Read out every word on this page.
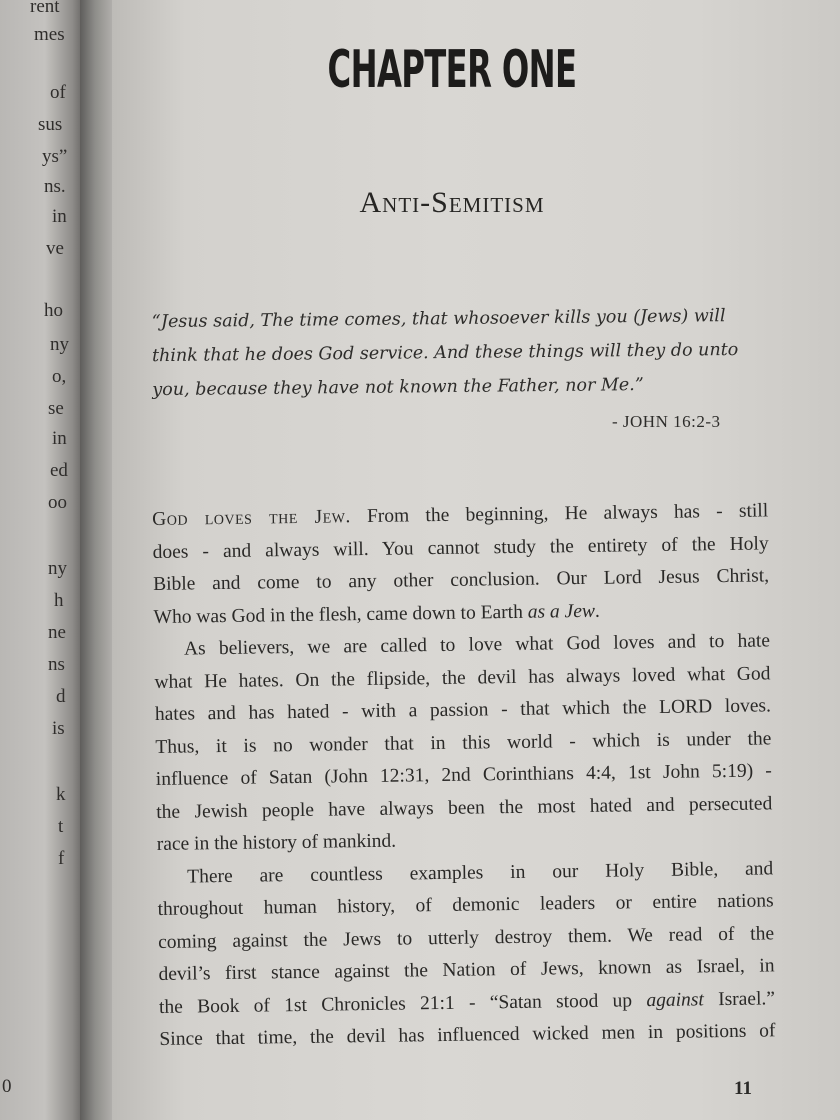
rent
mes
of
sus
ys”
ns.
in
ve
ho
ny
o,
se
in
ed
oo
ny
h
ne
ns
d
is
k
t
f
0
CHAPTER ONE
Anti-Semitism
“Jesus said, The time comes, that whosoever kills you (Jews) will
think that he does God service. And these things will they do unto
you, because they have not known the Father, nor Me.”
- JOHN 16:2-3
God loves the Jew. From the beginning, He always has - still
does - and always will. You cannot study the entirety of the Holy
Bible and come to any other conclusion. Our Lord Jesus Christ,
Who was God in the flesh, came down to Earth as a Jew.
As believers, we are called to love what God loves and to hate
what He hates. On the flipside, the devil has always loved what God
hates and has hated - with a passion - that which the LORD loves.
Thus, it is no wonder that in this world - which is under the
influence of Satan (John 12:31, 2nd Corinthians 4:4, 1st John 5:19) -
the Jewish people have always been the most hated and persecuted
race in the history of mankind.
There are countless examples in our Holy Bible, and
throughout human history, of demonic leaders or entire nations
coming against the Jews to utterly destroy them. We read of the
devil’s first stance against the Nation of Jews, known as Israel, in
the Book of 1st Chronicles 21:1 - “Satan stood up against Israel.”
Since that time, the devil has influenced wicked men in positions of
11
